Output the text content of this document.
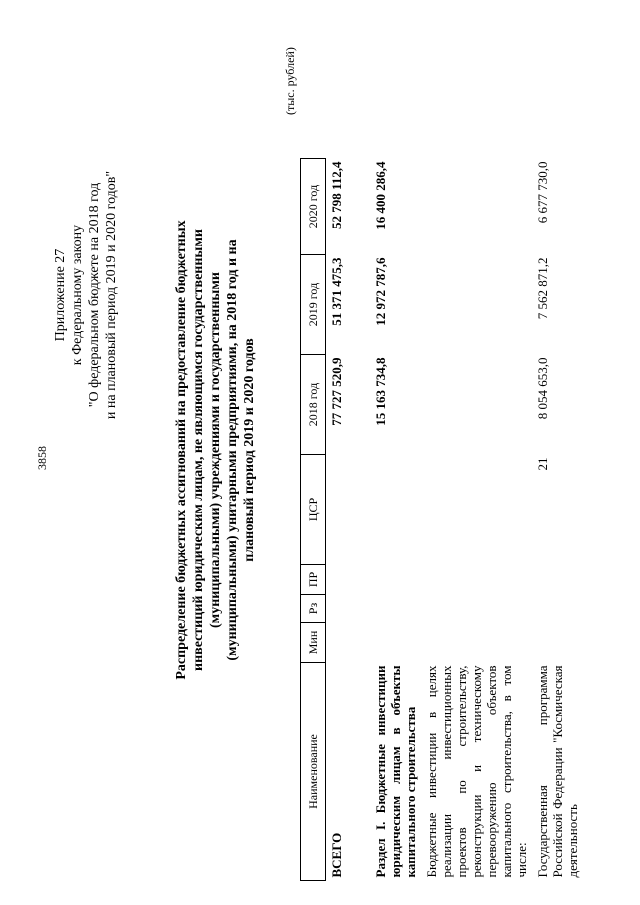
3858
Приложение 27 к Федеральному закону "О федеральном бюджете на 2018 год и на плановый период 2019 и 2020 годов"	Распределение бюджетных ассигнований на предоставление бюджетных инвестиций юридическим лицам, не являющимся государственными (муниципальными) учреждениями и государственными (муниципальными) унитарными предприятиями, на 2018 год и на плановый период 2019 и 2020 годов
(тыс. рублей)
Наименование	Мин	Рз	ПР	ЦСР	2018 год	2019 год	2020 год
ВСЕГО					77 727 520,9	51 371 475,3	52 798 112,4
Раздел I. Бюджетные инвестиции юридическим лицам в объекты капитального строительства					15 163 734,8	12 972 787,6	16 400 286,4
Бюджетные инвестиции в целях реализации инвестиционных проектов по строительству, реконструкции и техническому перевооружению объектов капитального строительства, в том числе:							
Государственная программа Российской Федерации "Космическая деятельность				21	8 054 653,0	7 562 871,2	6 677 730,0
